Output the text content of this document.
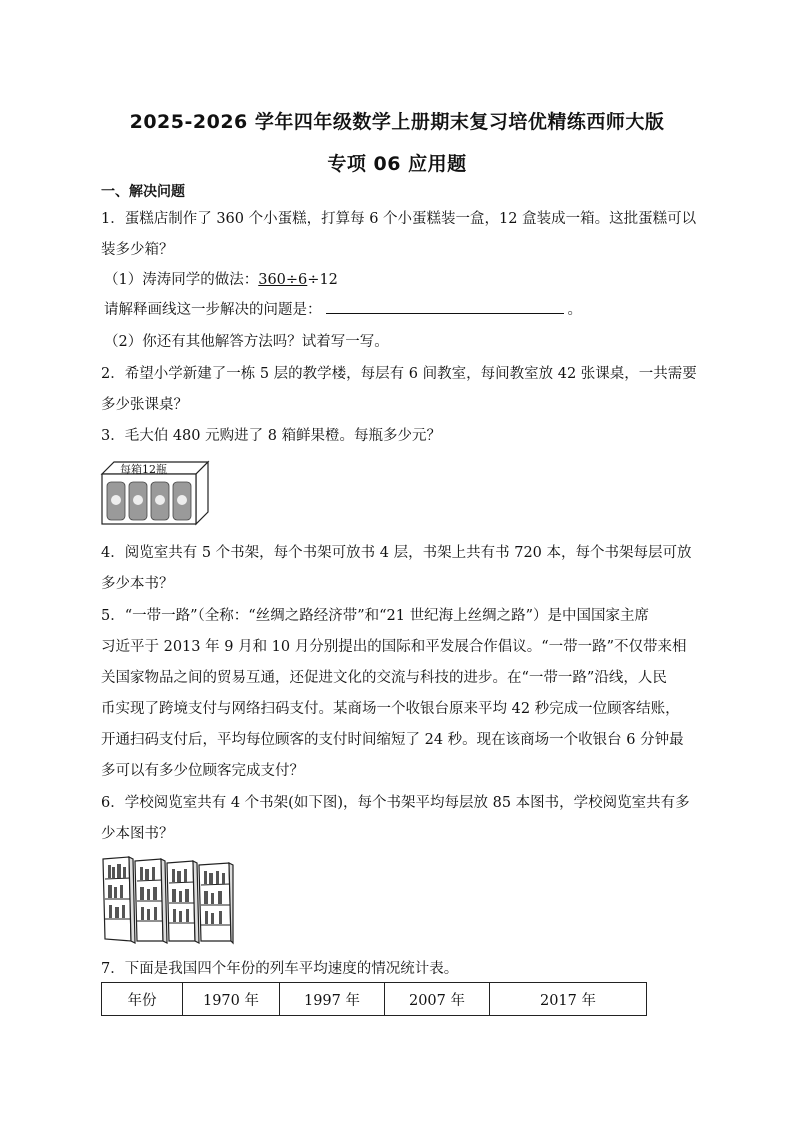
2025-2026 学年四年级数学上册期末复习培优精练西师大版
专项 06 应用题
一、解决问题
1．蛋糕店制作了 360 个小蛋糕，打算每 6 个小蛋糕装一盒，12 盒装成一箱。这批蛋糕可以
装多少箱？
（1）涛涛同学的做法：360÷6÷12
请解释画线这一步解决的问题是：	。
（2）你还有其他解答方法吗？试着写一写。
2．希望小学新建了一栋 5 层的教学楼，每层有 6 间教室，每间教室放 42 张课桌，一共需要
多少张课桌？
3．毛大伯 480 元购进了 8 箱鲜果橙。每瓶多少元？
每箱12瓶
4．阅览室共有 5 个书架，每个书架可放书 4 层，书架上共有书 720 本，每个书架每层可放
多少本书？
5．“一带一路”（全称：“丝绸之路经济带”和“21 世纪海上丝绸之路”）是中国国家主席
习近平于 2013 年 9 月和 10 月分别提出的国际和平发展合作倡议。“一带一路”不仅带来相
关国家物品之间的贸易互通，还促进文化的交流与科技的进步。在“一带一路”沿线，人民
币实现了跨境支付与网络扫码支付。某商场一个收银台原来平均 42 秒完成一位顾客结账，
开通扫码支付后，平均每位顾客的支付时间缩短了 24 秒。现在该商场一个收银台 6 分钟最
多可以有多少位顾客完成支付？
6．学校阅览室共有 4 个书架(如下图)，每个书架平均每层放 85 本图书，学校阅览室共有多
少本图书？
7．下面是我国四个年份的列车平均速度的情况统计表。
年份	1970 年	1997 年	2007 年	2017 年
